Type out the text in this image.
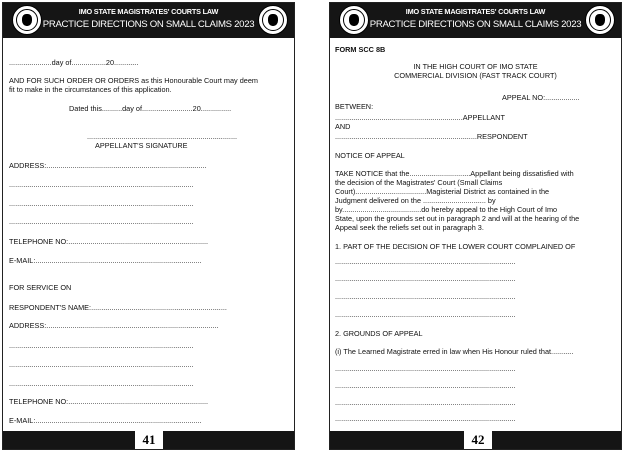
IMO STATE MAGISTRATES' COURTS LAW
PRACTICE DIRECTIONS ON SMALL CLAIMS 2023
.....................day of.................20............
AND FOR SUCH ORDER OR ORDERS as this Honourable Court may deem
fit to make in the circumstances of this application.
Dated this..........day of.........................20...............
..........................................................................
APPELLANT'S SIGNATURE
ADDRESS:...............................................................................
...........................................................................................
...........................................................................................
...........................................................................................
TELEPHONE NO:.....................................................................
E-MAIL:..................................................................................
FOR SERVICE ON
RESPONDENT'S NAME:...................................................................
ADDRESS:.....................................................................................
...........................................................................................
...........................................................................................
...........................................................................................
TELEPHONE NO:.....................................................................
E-MAIL:..................................................................................
41
IMO STATE MAGISTRATES' COURTS LAW
PRACTICE DIRECTIONS ON SMALL CLAIMS 2023
FORM SCC 8B
IN THE HIGH COURT OF IMO STATE
COMMERCIAL DIVISION (FAST TRACK COURT)
APPEAL NO:.................
BETWEEN:
...............................................................APPELLANT
AND
......................................................................RESPONDENT
NOTICE OF APPEAL
TAKE NOTICE that the..............................Appellant being dissatisfied with
the decision of the Magistrates' Court (Small Claims
Court)...................................Magisterial District as contained in the
Judgment delivered on the ............................... by
by.......................................do hereby appeal to the High Court of Imo
State, upon the grounds set out in paragraph 2 and will at the hearing of the
Appeal seek the reliefs set out in paragraph 3.
1. PART OF THE DECISION OF THE LOWER COURT COMPLAINED OF
.........................................................................................
.........................................................................................
.........................................................................................
.........................................................................................
2. GROUNDS OF APPEAL
(i) The Learned Magistrate erred in law when His Honour ruled that...........
.........................................................................................
.........................................................................................
.........................................................................................
.........................................................................................
42
